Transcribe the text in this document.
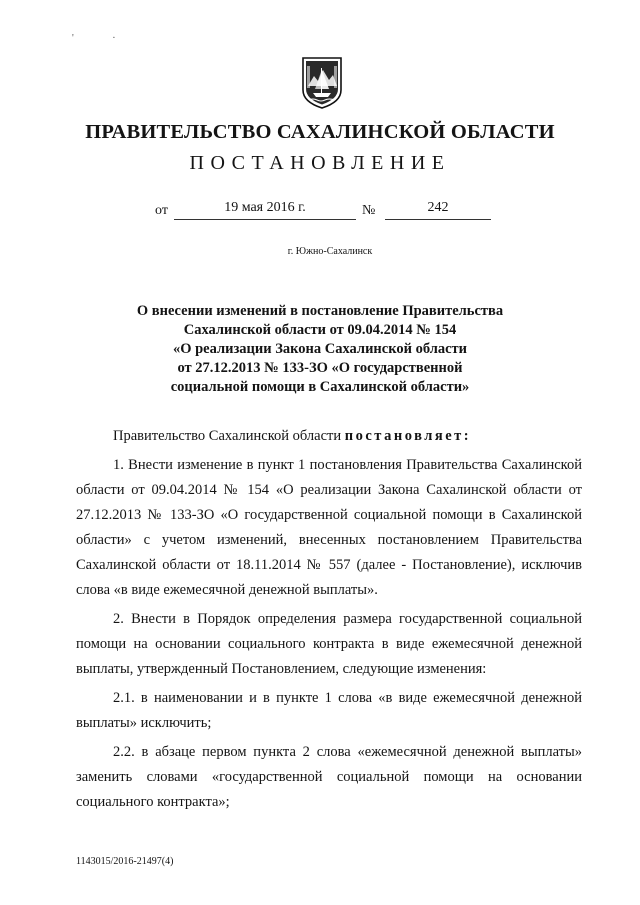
' ·
ПРАВИТЕЛЬСТВО САХАЛИНСКОЙ ОБЛАСТИ
ПОСТАНОВЛЕНИЕ
от	19 мая 2016 г.	№	242
г. Южно-Сахалинск
О внесении изменений в постановление Правительства
Сахалинской области от 09.04.2014 № 154
«О реализации Закона Сахалинской области
от 27.12.2013 № 133-ЗО «О государственной
социальной помощи в Сахалинской области»

Правительство Сахалинской области постановляет:

1. Внести изменение в пункт 1 постановления Правительства Сахалинской области от 09.04.2014 № 154 «О реализации Закона Сахалинской области от 27.12.2013 № 133-ЗО «О государственной социальной помощи в Сахалинской области» с учетом изменений, внесенных постановлением Правительства Сахалинской области от 18.11.2014 № 557 (далее - Постановление), исключив слова «в виде ежемесячной денежной выплаты».

2. Внести в Порядок определения размера государственной социальной помощи на основании социального контракта в виде ежемесячной денежной выплаты, утвержденный Постановлением, следующие изменения:

2.1. в наименовании и в пункте 1 слова «в виде ежемесячной денежной выплаты» исключить;

2.2. в абзаце первом пункта 2 слова «ежемесячной денежной выплаты» заменить словами «государственной социальной помощи на основании социального контракта»;

1143015/2016-21497(4)
